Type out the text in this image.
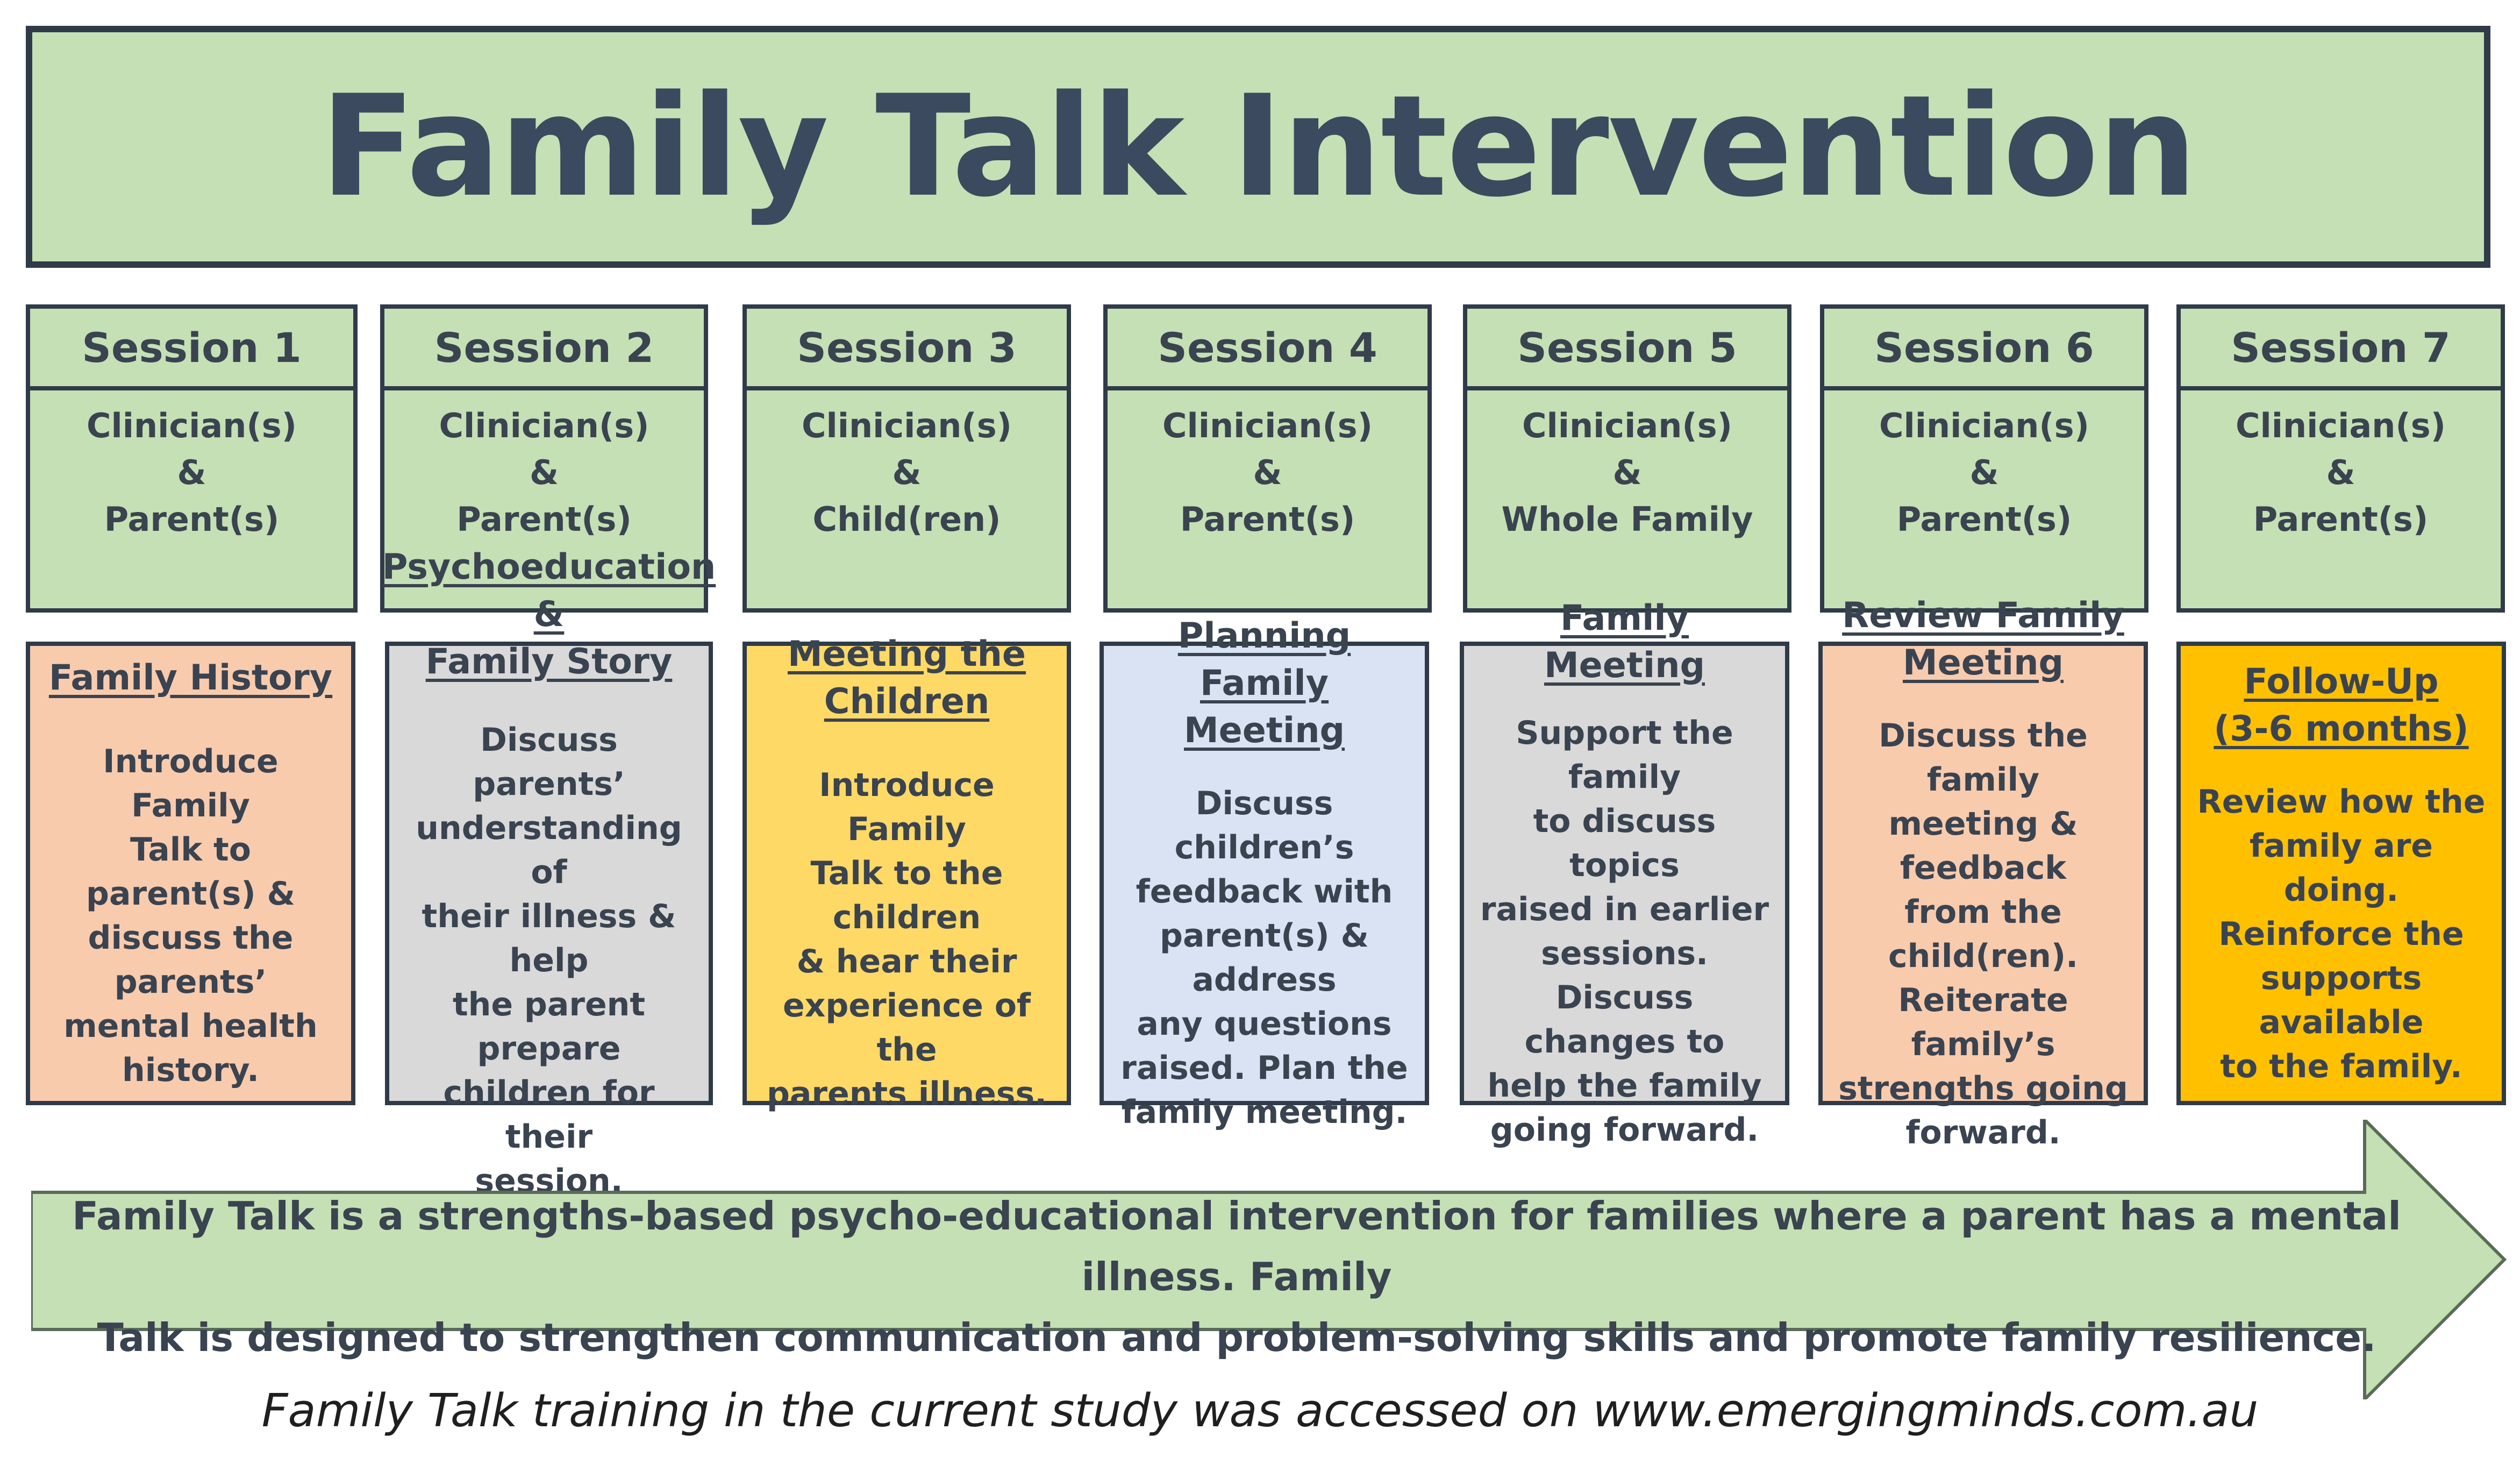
Family Talk Intervention
Session 1
Clinician(s)
&
Parent(s)
Session 2
Clinician(s)
&
Parent(s)
Session 3
Clinician(s)
&
Child(ren)
Session 4
Clinician(s)
&
Parent(s)
Session 5
Clinician(s)
&
Whole Family
Session 6
Clinician(s)
&
Parent(s)
Session 7
Clinician(s)
&
Parent(s)
Family History
Introduce Family
Talk to parent(s) &
discuss the parents’
mental health
history.
Psychoeducation &
Family Story
Discuss parents’
understanding of
their illness & help
the parent prepare
children for their
session.
Meeting the
Children
Introduce Family
Talk to the children
& hear their
experience of the
parents illness.
Planning Family
Meeting
Discuss children’s
feedback with
parent(s) & address
any questions
raised. Plan the
family meeting.
Family Meeting
Support the family
to discuss topics
raised in earlier
sessions.
Discuss changes to
help the family
going forward.
Review Family
Meeting
Discuss the family
meeting & feedback
from the child(ren).
Reiterate family’s
strengths going
forward.
Follow-Up
(3-6 months)
Review how the
family are doing.
Reinforce the
supports available
to the family.
Family Talk is a strengths-based psycho-educational intervention for families where a parent has a mental illness. Family
Talk is designed to strengthen communication and problem-solving skills and promote family resilience.
Family Talk training in the current study was accessed on www.emergingminds.com.au
